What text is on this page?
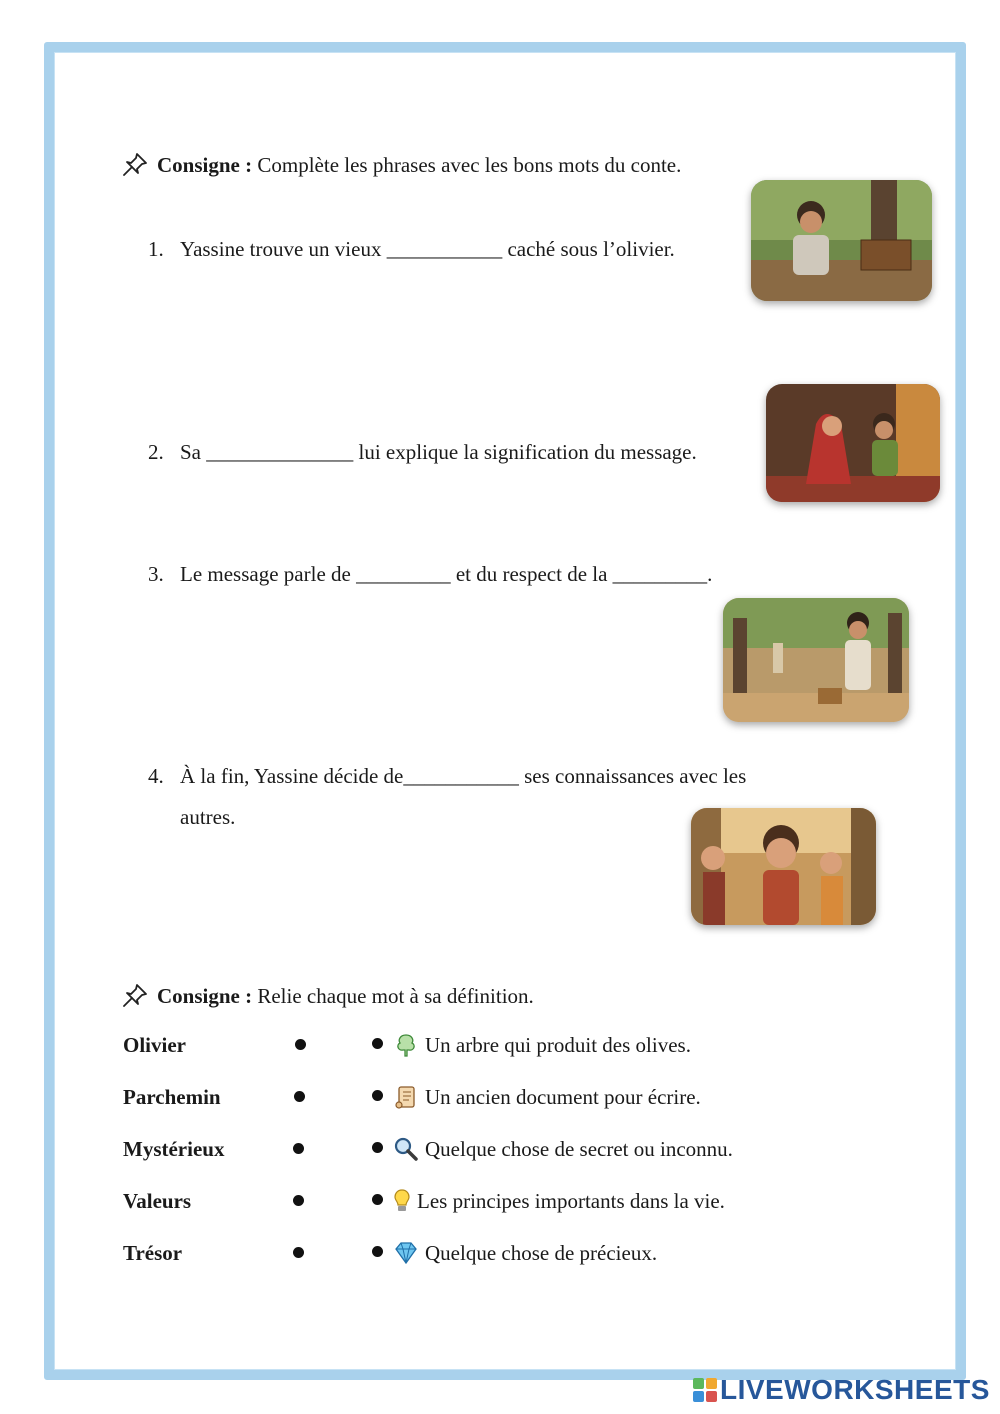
Consigne : Complète les phrases avec les bons mots du conte.
1. Yassine trouve un vieux ___________ caché sous l’olivier.
2. Sa ______________ lui explique la signification du message.
3. Le message parle de _________ et du respect de la _________.
4. À la fin, Yassine décide de___________ ses connaissances avec les
autres.
Consigne : Relie chaque mot à sa définition.
Olivier
Parchemin
Mystérieux
Valeurs
Trésor
Un arbre qui produit des olives.
Un ancien document pour écrire.
Quelque chose de secret ou inconnu.
Les principes importants dans la vie.
Quelque chose de précieux.
LIVEWORKSHEETS
